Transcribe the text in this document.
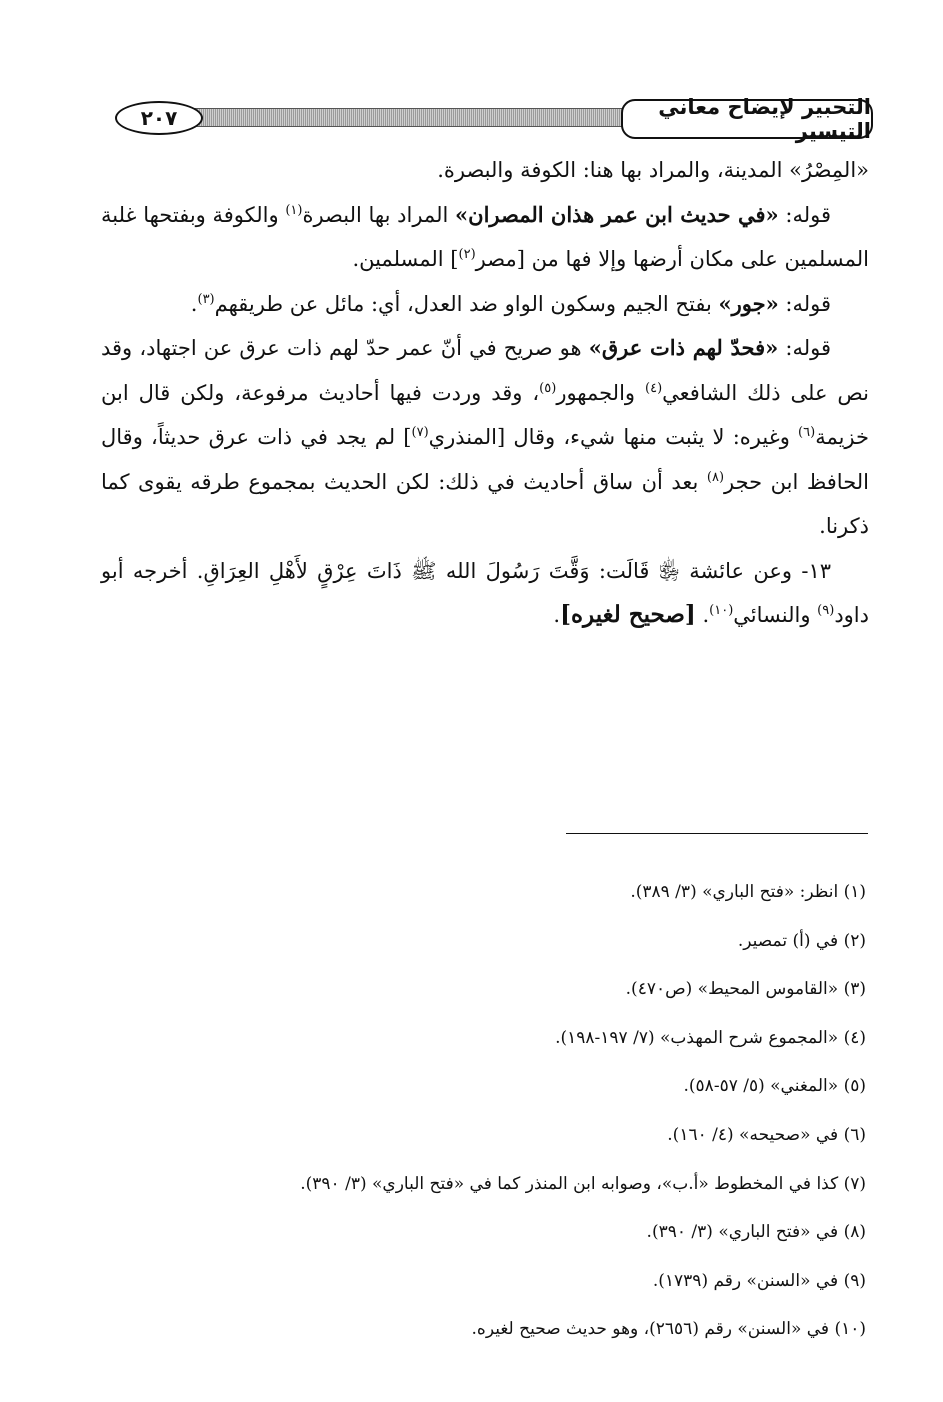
التحبير لإيضاح معاني التيسير
٢٠٧

«المِصْرُ» المدينة، والمراد بها هنا: الكوفة والبصرة.

قوله: «في حديث ابن عمر هذان المصران» المراد بها البصرة$^{(١)}$ والكوفة وبفتحها غلبة المسلمين على مكان أرضها وإلا فها من [مصر$^{(٢)}$] المسلمين.

قوله: «جور» بفتح الجيم وسكون الواو ضد العدل، أي: مائل عن طريقهم$^{(٣)}$.

قوله: «فحدّ لهم ذات عرق» هو صريح في أنّ عمر حدّ لهم ذات عرق عن اجتهاد، وقد نص على ذلك الشافعي$^{(٤)}$ والجمهور$^{(٥)}$، وقد وردت فيها أحاديث مرفوعة، ولكن قال ابن خزيمة$^{(٦)}$ وغيره: لا يثبت منها شيء، وقال [المنذري$^{(٧)}$] لم يجد في ذات عرق حديثاً، وقال الحافظ ابن حجر$^{(٨)}$ بعد أن ساق أحاديث في ذلك: لكن الحديث بمجموع طرقه يقوى كما ذكرنا.

١٣- وعن عائشة ﵂ قَالَت: وَقَّتَ رَسُولَ الله ﷺ ذَاتَ عِرْقٍ لأَهْلِ العِرَاقِ. أخرجه أبو داود$^{(٩)}$ والنسائي$^{(١٠)}$. [صحيح لغيره].

(١) انظر: «فتح الباري» (٣/ ٣٨٩).
(٢) في (أ) تمصير.
(٣) «القاموس المحيط» (ص٤٧٠).
(٤) «المجموع شرح المهذب» (٧/ ١٩٧-١٩٨).
(٥) «المغني» (٥/ ٥٧-٥٨).
(٦) في «صحيحه» (٤/ ١٦٠).
(٧) كذا في المخطوط «أ.ب»، وصوابه ابن المنذر كما في «فتح الباري» (٣/ ٣٩٠).
(٨) في «فتح الباري» (٣/ ٣٩٠).
(٩) في «السنن» رقم (١٧٣٩).
(١٠) في «السنن» رقم (٢٦٥٦)، وهو حديث صحيح لغيره.
